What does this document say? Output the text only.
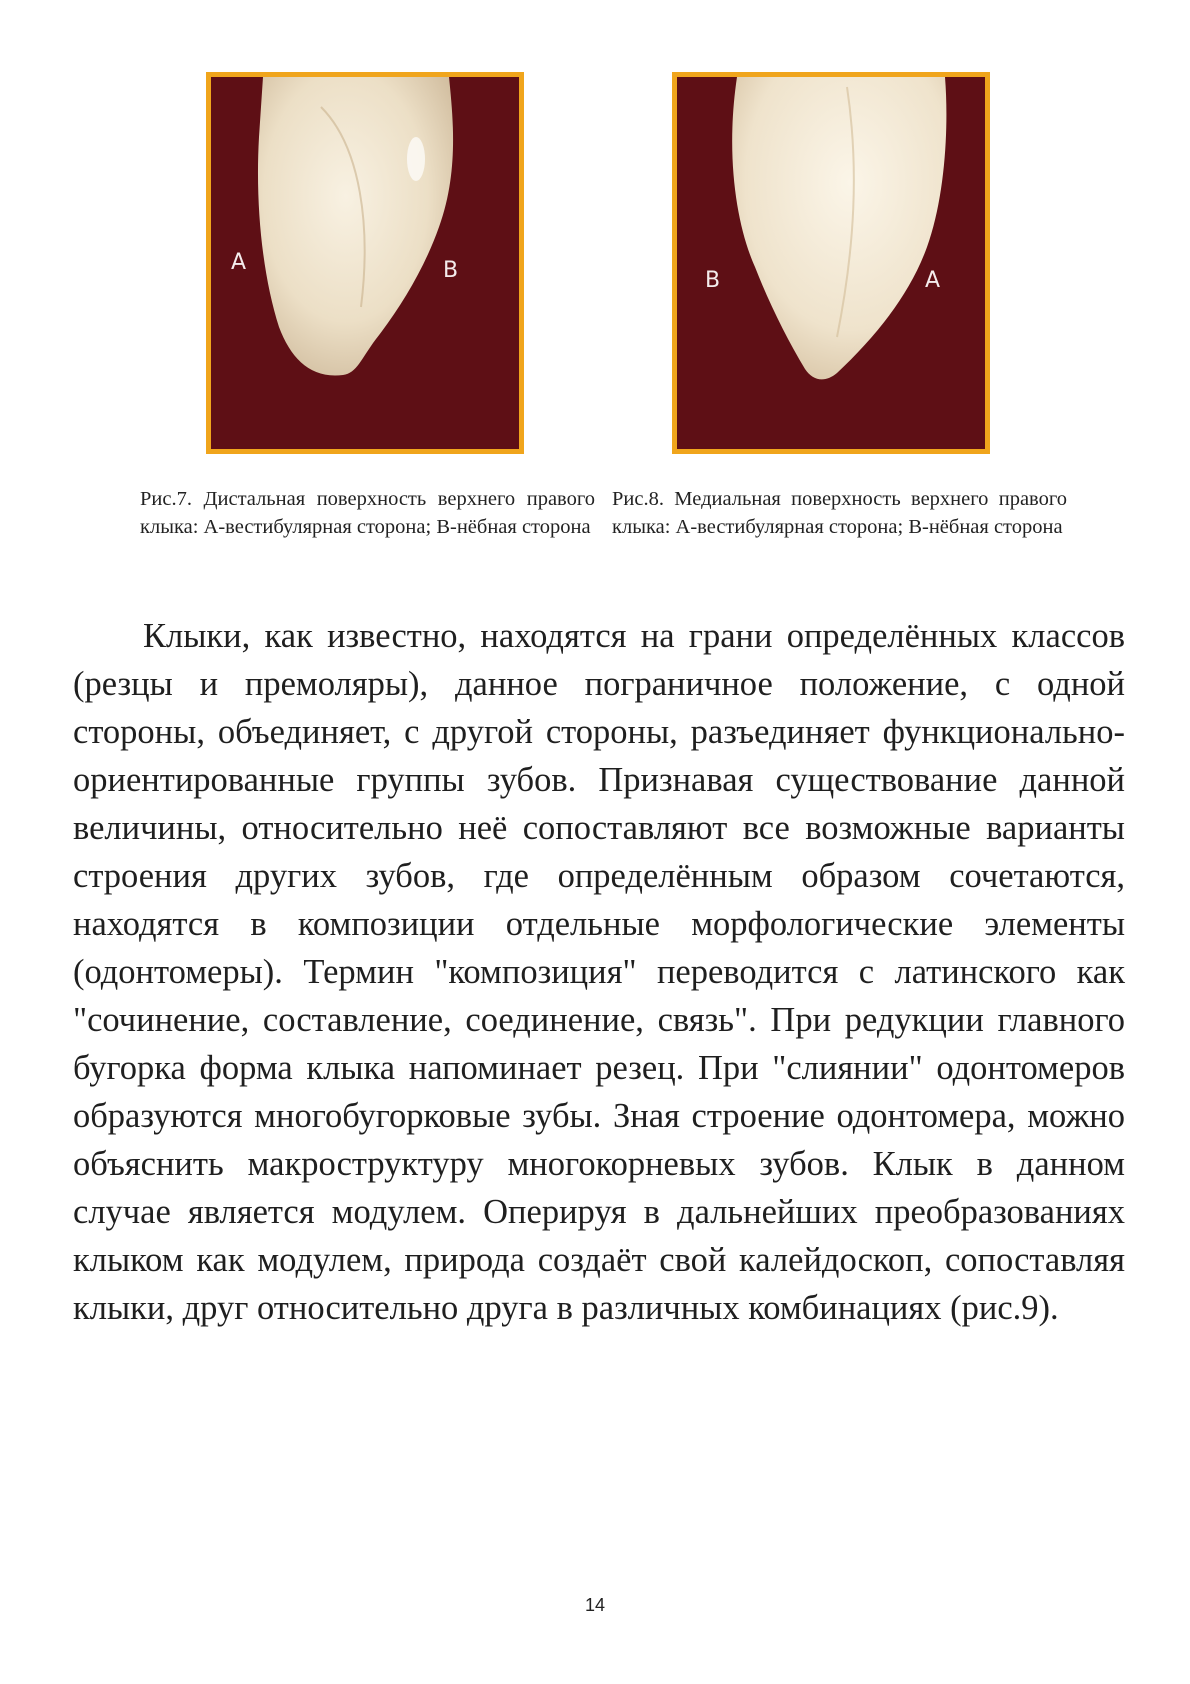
A	B	B	A

Рис.7. Дистальная поверхность верхнего правого клыка: А-вестибулярная сторона; В-нёбная сторона

Рис.8. Медиальная поверхность верхнего правого клыка: А-вестибулярная сторона; В-нёбная сторона

Клыки, как известно, находятся на грани определённых классов (резцы и премоляры), данное пограничное положение, с одной стороны, объединяет, с другой стороны, разъединяет функционально-ориентированные группы зубов. Признавая существование данной величины, относительно неё сопоставляют все возможные варианты строения других зубов, где определённым образом сочетаются, находятся в композиции отдельные морфологические элементы (одонтомеры). Термин "композиция" переводится с латинского как "сочинение, составление, соединение, связь". При редукции главного бугорка форма клыка напоминает резец. При "слиянии" одонтомеров образуются многобугорковые зубы. Зная строение одонтомера, можно объяснить макроструктуру многокорневых зубов. Клык в данном случае является модулем. Оперируя в дальнейших преобразованиях клыком как модулем, природа создаёт свой калейдоскоп, сопоставляя клыки, друг относительно друга в различных комбинациях (рис.9).

14
